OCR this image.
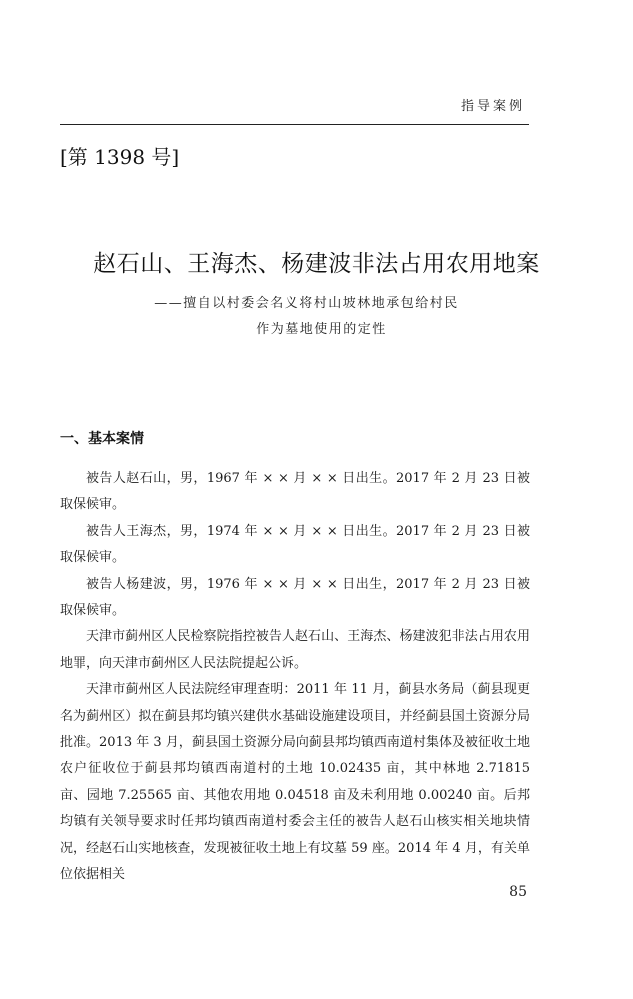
指导案例
[第 1398 号]
赵石山、王海杰、杨建波非法占用农用地案
——擅自以村委会名义将村山坡林地承包给村民
作为墓地使用的定性
一、基本案情

被告人赵石山，男，1967 年 × × 月 × × 日出生。2017 年 2 月 23 日被取保候审。

被告人王海杰，男，1974 年 × × 月 × × 日出生。2017 年 2 月 23 日被取保候审。

被告人杨建波，男，1976 年 × × 月 × × 日出生，2017 年 2 月 23 日被取保候审。

天津市蓟州区人民检察院指控被告人赵石山、王海杰、杨建波犯非法占用农用地罪，向天津市蓟州区人民法院提起公诉。

天津市蓟州区人民法院经审理查明：2011 年 11 月，蓟县水务局（蓟县现更名为蓟州区）拟在蓟县邦均镇兴建供水基础设施建设项目，并经蓟县国土资源分局批准。2013 年 3 月，蓟县国土资源分局向蓟县邦均镇西南道村集体及被征收土地农户征收位于蓟县邦均镇西南道村的土地 10.02435 亩，其中林地 2.71815 亩、园地 7.25565 亩、其他农用地 0.04518 亩及未利用地 0.00240 亩。后邦均镇有关领导要求时任邦均镇西南道村委会主任的被告人赵石山核实相关地块情况，经赵石山实地核查，发现被征收土地上有坟墓 59 座。2014 年 4 月，有关单位依据相关

85
